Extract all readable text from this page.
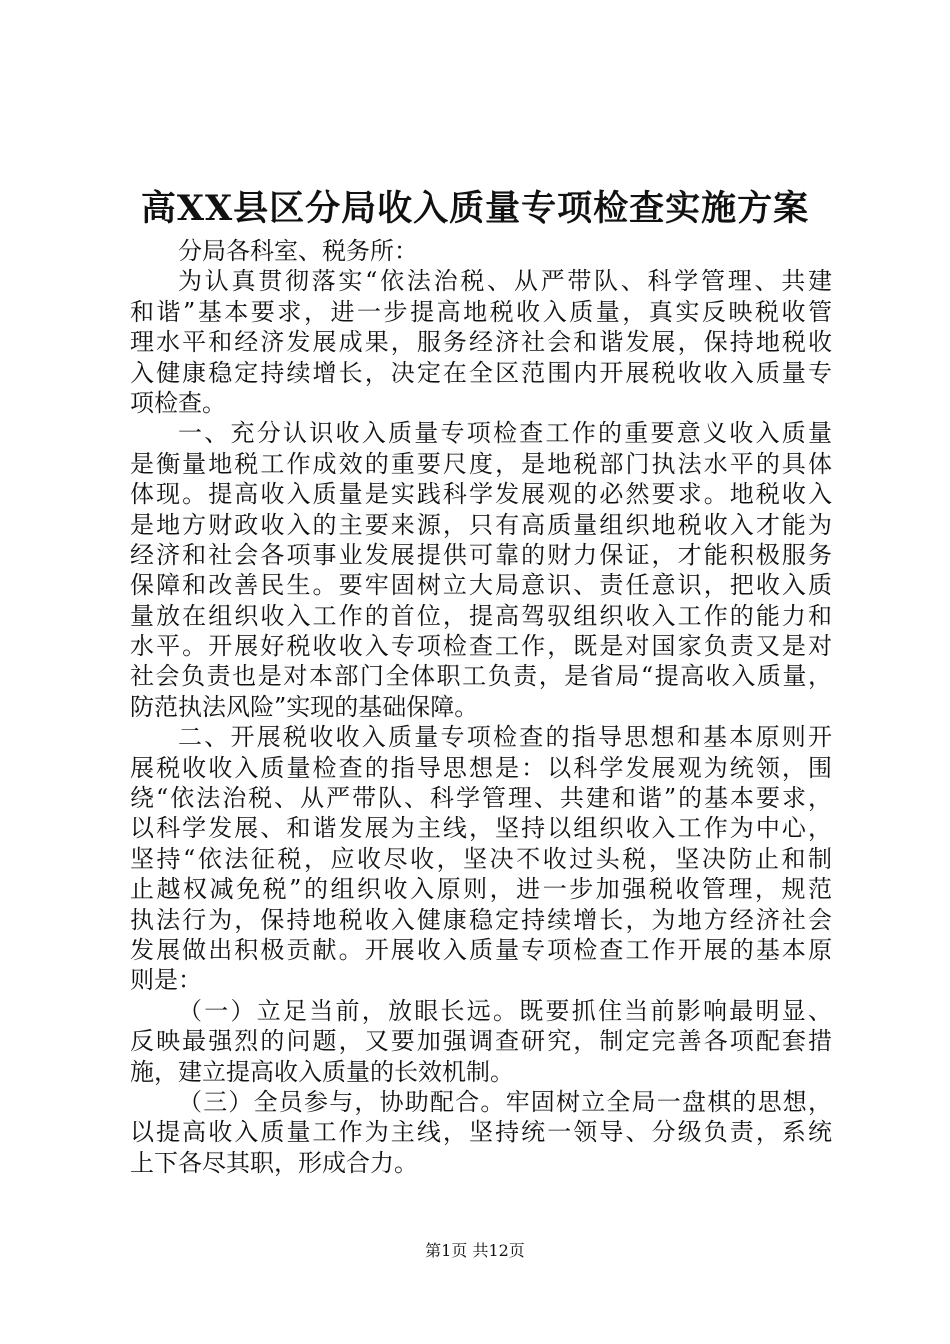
高XX县区分局收入质量专项检查实施方案
分局各科室、税务所：
为认真贯彻落实“依法治税、从严带队、科学管理、共建
和谐”基本要求，进一步提高地税收入质量，真实反映税收管
理水平和经济发展成果，服务经济社会和谐发展，保持地税收
入健康稳定持续增长，决定在全区范围内开展税收收入质量专
项检查。
一、充分认识收入质量专项检查工作的重要意义收入质量
是衡量地税工作成效的重要尺度，是地税部门执法水平的具体
体现。提高收入质量是实践科学发展观的必然要求。地税收入
是地方财政收入的主要来源，只有高质量组织地税收入才能为
经济和社会各项事业发展提供可靠的财力保证，才能积极服务
保障和改善民生。要牢固树立大局意识、责任意识，把收入质
量放在组织收入工作的首位，提高驾驭组织收入工作的能力和
水平。开展好税收收入专项检查工作，既是对国家负责又是对
社会负责也是对本部门全体职工负责，是省局“提高收入质量，
防范执法风险”实现的基础保障。
二、开展税收收入质量专项检查的指导思想和基本原则开
展税收收入质量检查的指导思想是：以科学发展观为统领，围
绕“依法治税、从严带队、科学管理、共建和谐”的基本要求，
以科学发展、和谐发展为主线，坚持以组织收入工作为中心，
坚持“依法征税，应收尽收，坚决不收过头税，坚决防止和制
止越权减免税”的组织收入原则，进一步加强税收管理，规范
执法行为，保持地税收入健康稳定持续增长，为地方经济社会
发展做出积极贡献。开展收入质量专项检查工作开展的基本原
则是：
（一）立足当前，放眼长远。既要抓住当前影响最明显、
反映最强烈的问题，又要加强调查研究，制定完善各项配套措
施，建立提高收入质量的长效机制。
（三）全员参与，协助配合。牢固树立全局一盘棋的思想，
以提高收入质量工作为主线，坚持统一领导、分级负责，系统
上下各尽其职，形成合力。
第1页 共12页
